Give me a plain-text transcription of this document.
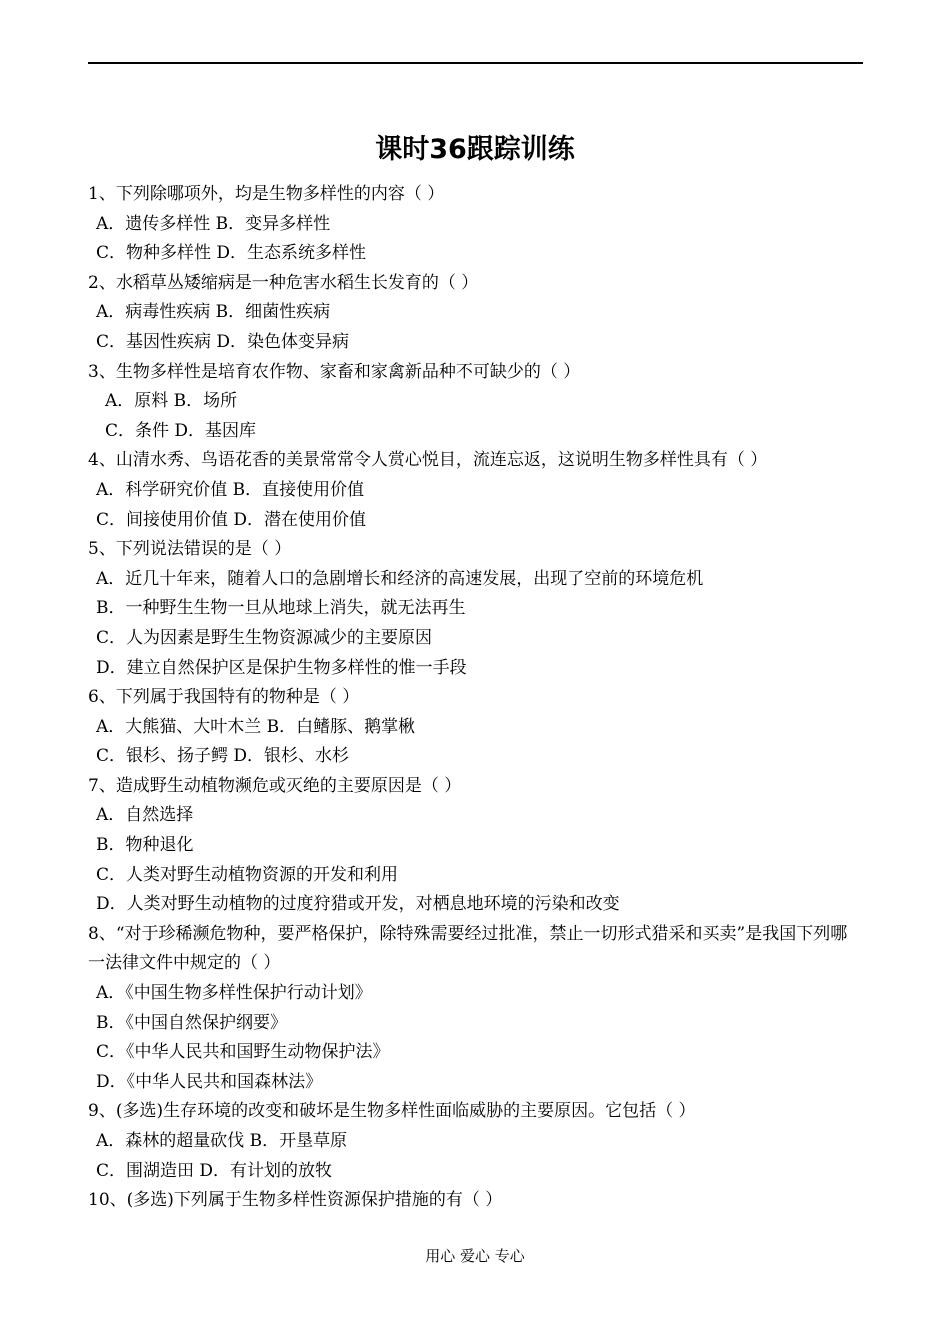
课时36跟踪训练
1、下列除哪项外，均是生物多样性的内容（ ）
A．遗传多样性 B．变异多样性
C．物种多样性 D．生态系统多样性
2、水稻草丛矮缩病是一种危害水稻生长发育的（ ）
A．病毒性疾病 B．细菌性疾病
C．基因性疾病 D．染色体变异病
3、生物多样性是培育农作物、家畜和家禽新品种不可缺少的（ ）
A．原料 B．场所
C．条件 D．基因库
4、山清水秀、鸟语花香的美景常常令人赏心悦目，流连忘返，这说明生物多样性具有（ ）
A．科学研究价值 B．直接使用价值
C．间接使用价值 D．潜在使用价值
5、下列说法错误的是（ ）
A．近几十年来，随着人口的急剧增长和经济的高速发展，出现了空前的环境危机
B．一种野生生物一旦从地球上消失，就无法再生
C．人为因素是野生生物资源减少的主要原因
D．建立自然保护区是保护生物多样性的惟一手段
6、下列属于我国特有的物种是（ ）
A．大熊猫、大叶木兰 B．白鳍豚、鹅掌楸
C．银杉、扬子鳄 D．银杉、水杉
7、造成野生动植物濒危或灭绝的主要原因是（ ）
A．自然选择
B．物种退化
C．人类对野生动植物资源的开发和利用
D．人类对野生动植物的过度狩猎或开发，对栖息地环境的污染和改变
8、“对于珍稀濒危物种，要严格保护，除特殊需要经过批准，禁止一切形式猎采和买卖”是我国下列哪一法律文件中规定的（ ）
A．《中国生物多样性保护行动计划》
B．《中国自然保护纲要》
C．《中华人民共和国野生动物保护法》
D．《中华人民共和国森林法》
9、(多选)生存环境的改变和破坏是生物多样性面临威胁的主要原因。它包括（ ）
A．森林的超量砍伐 B．开垦草原
C．围湖造田 D．有计划的放牧
10、(多选)下列属于生物多样性资源保护措施的有（ ）
用心 爱心 专心
